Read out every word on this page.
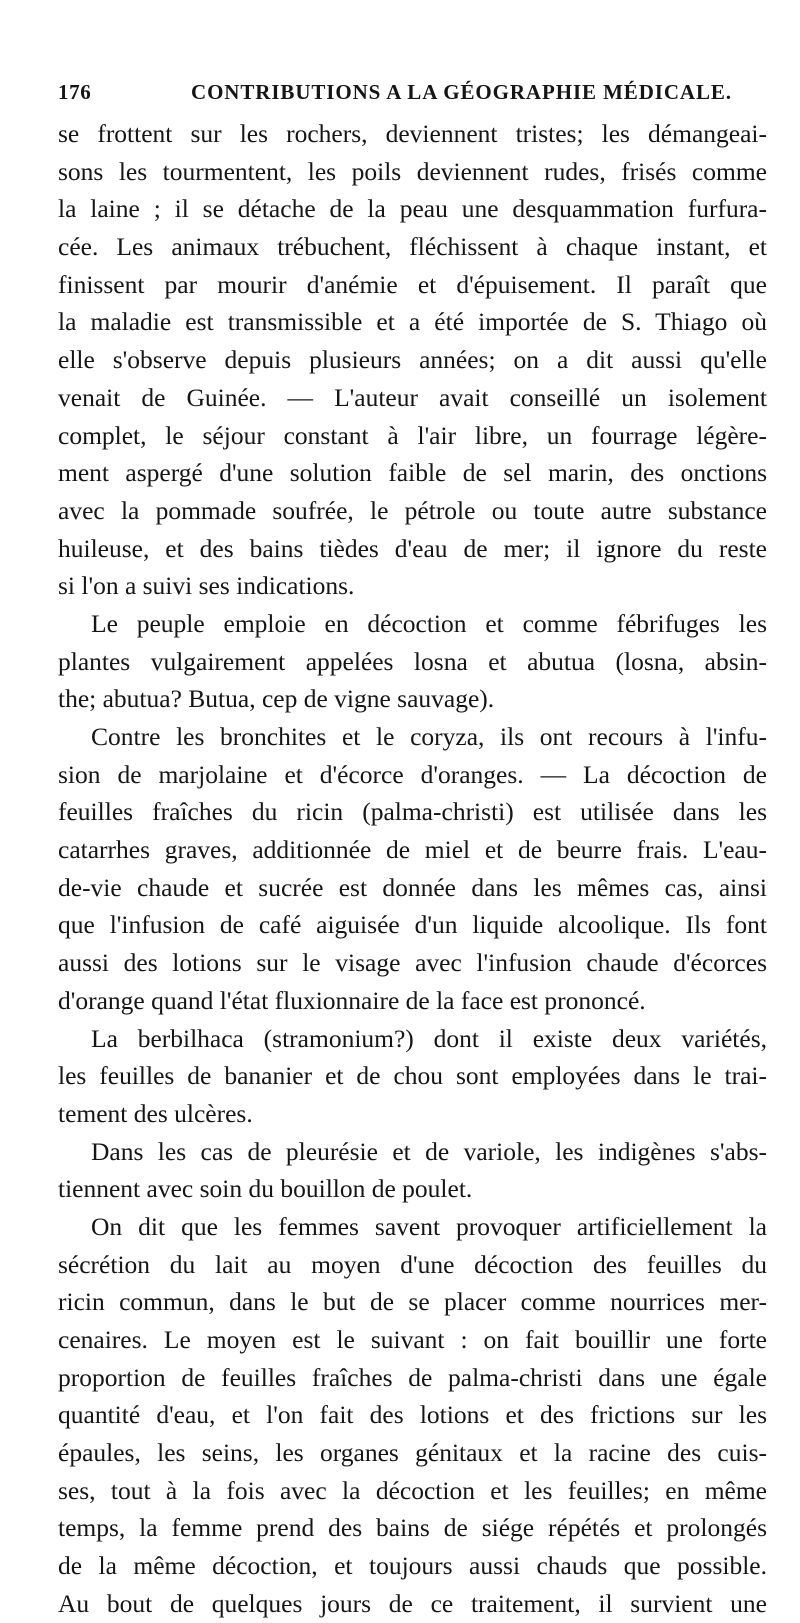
176	CONTRIBUTIONS A LA GÉOGRAPHIE MÉDICALE.
se frottent sur les rochers, deviennent tristes; les démangeai-
sons les tourmentent, les poils deviennent rudes, frisés comme
la laine ; il se détache de la peau une desquammation furfura-
cée. Les animaux trébuchent, fléchissent à chaque instant, et
finissent par mourir d'anémie et d'épuisement. Il paraît que
la maladie est transmissible et a été importée de S. Thiago où
elle s'observe depuis plusieurs années; on a dit aussi qu'elle
venait de Guinée. — L'auteur avait conseillé un isolement
complet, le séjour constant à l'air libre, un fourrage légère-
ment aspergé d'une solution faible de sel marin, des onctions
avec la pommade soufrée, le pétrole ou toute autre substance
huileuse, et des bains tièdes d'eau de mer; il ignore du reste
si l'on a suivi ses indications.
Le peuple emploie en décoction et comme fébrifuges les
plantes vulgairement appelées losna et abutua (losna, absin-
the; abutua? Butua, cep de vigne sauvage).
Contre les bronchites et le coryza, ils ont recours à l'infu-
sion de marjolaine et d'écorce d'oranges. — La décoction de
feuilles fraîches du ricin (palma-christi) est utilisée dans les
catarrhes graves, additionnée de miel et de beurre frais. L'eau-
de-vie chaude et sucrée est donnée dans les mêmes cas, ainsi
que l'infusion de café aiguisée d'un liquide alcoolique. Ils font
aussi des lotions sur le visage avec l'infusion chaude d'écorces
d'orange quand l'état fluxionnaire de la face est prononcé.
La berbilhaca (stramonium?) dont il existe deux variétés,
les feuilles de bananier et de chou sont employées dans le trai-
tement des ulcères.
Dans les cas de pleurésie et de variole, les indigènes s'abs-
tiennent avec soin du bouillon de poulet.
On dit que les femmes savent provoquer artificiellement la
sécrétion du lait au moyen d'une décoction des feuilles du
ricin commun, dans le but de se placer comme nourrices mer-
cenaires. Le moyen est le suivant : on fait bouillir une forte
proportion de feuilles fraîches de palma-christi dans une égale
quantité d'eau, et l'on fait des lotions et des frictions sur les
épaules, les seins, les organes génitaux et la racine des cuis-
ses, tout à la fois avec la décoction et les feuilles; en même
temps, la femme prend des bains de siége répétés et prolongés
de la même décoction, et toujours aussi chauds que possible.
Au bout de quelques jours de ce traitement, il survient une
